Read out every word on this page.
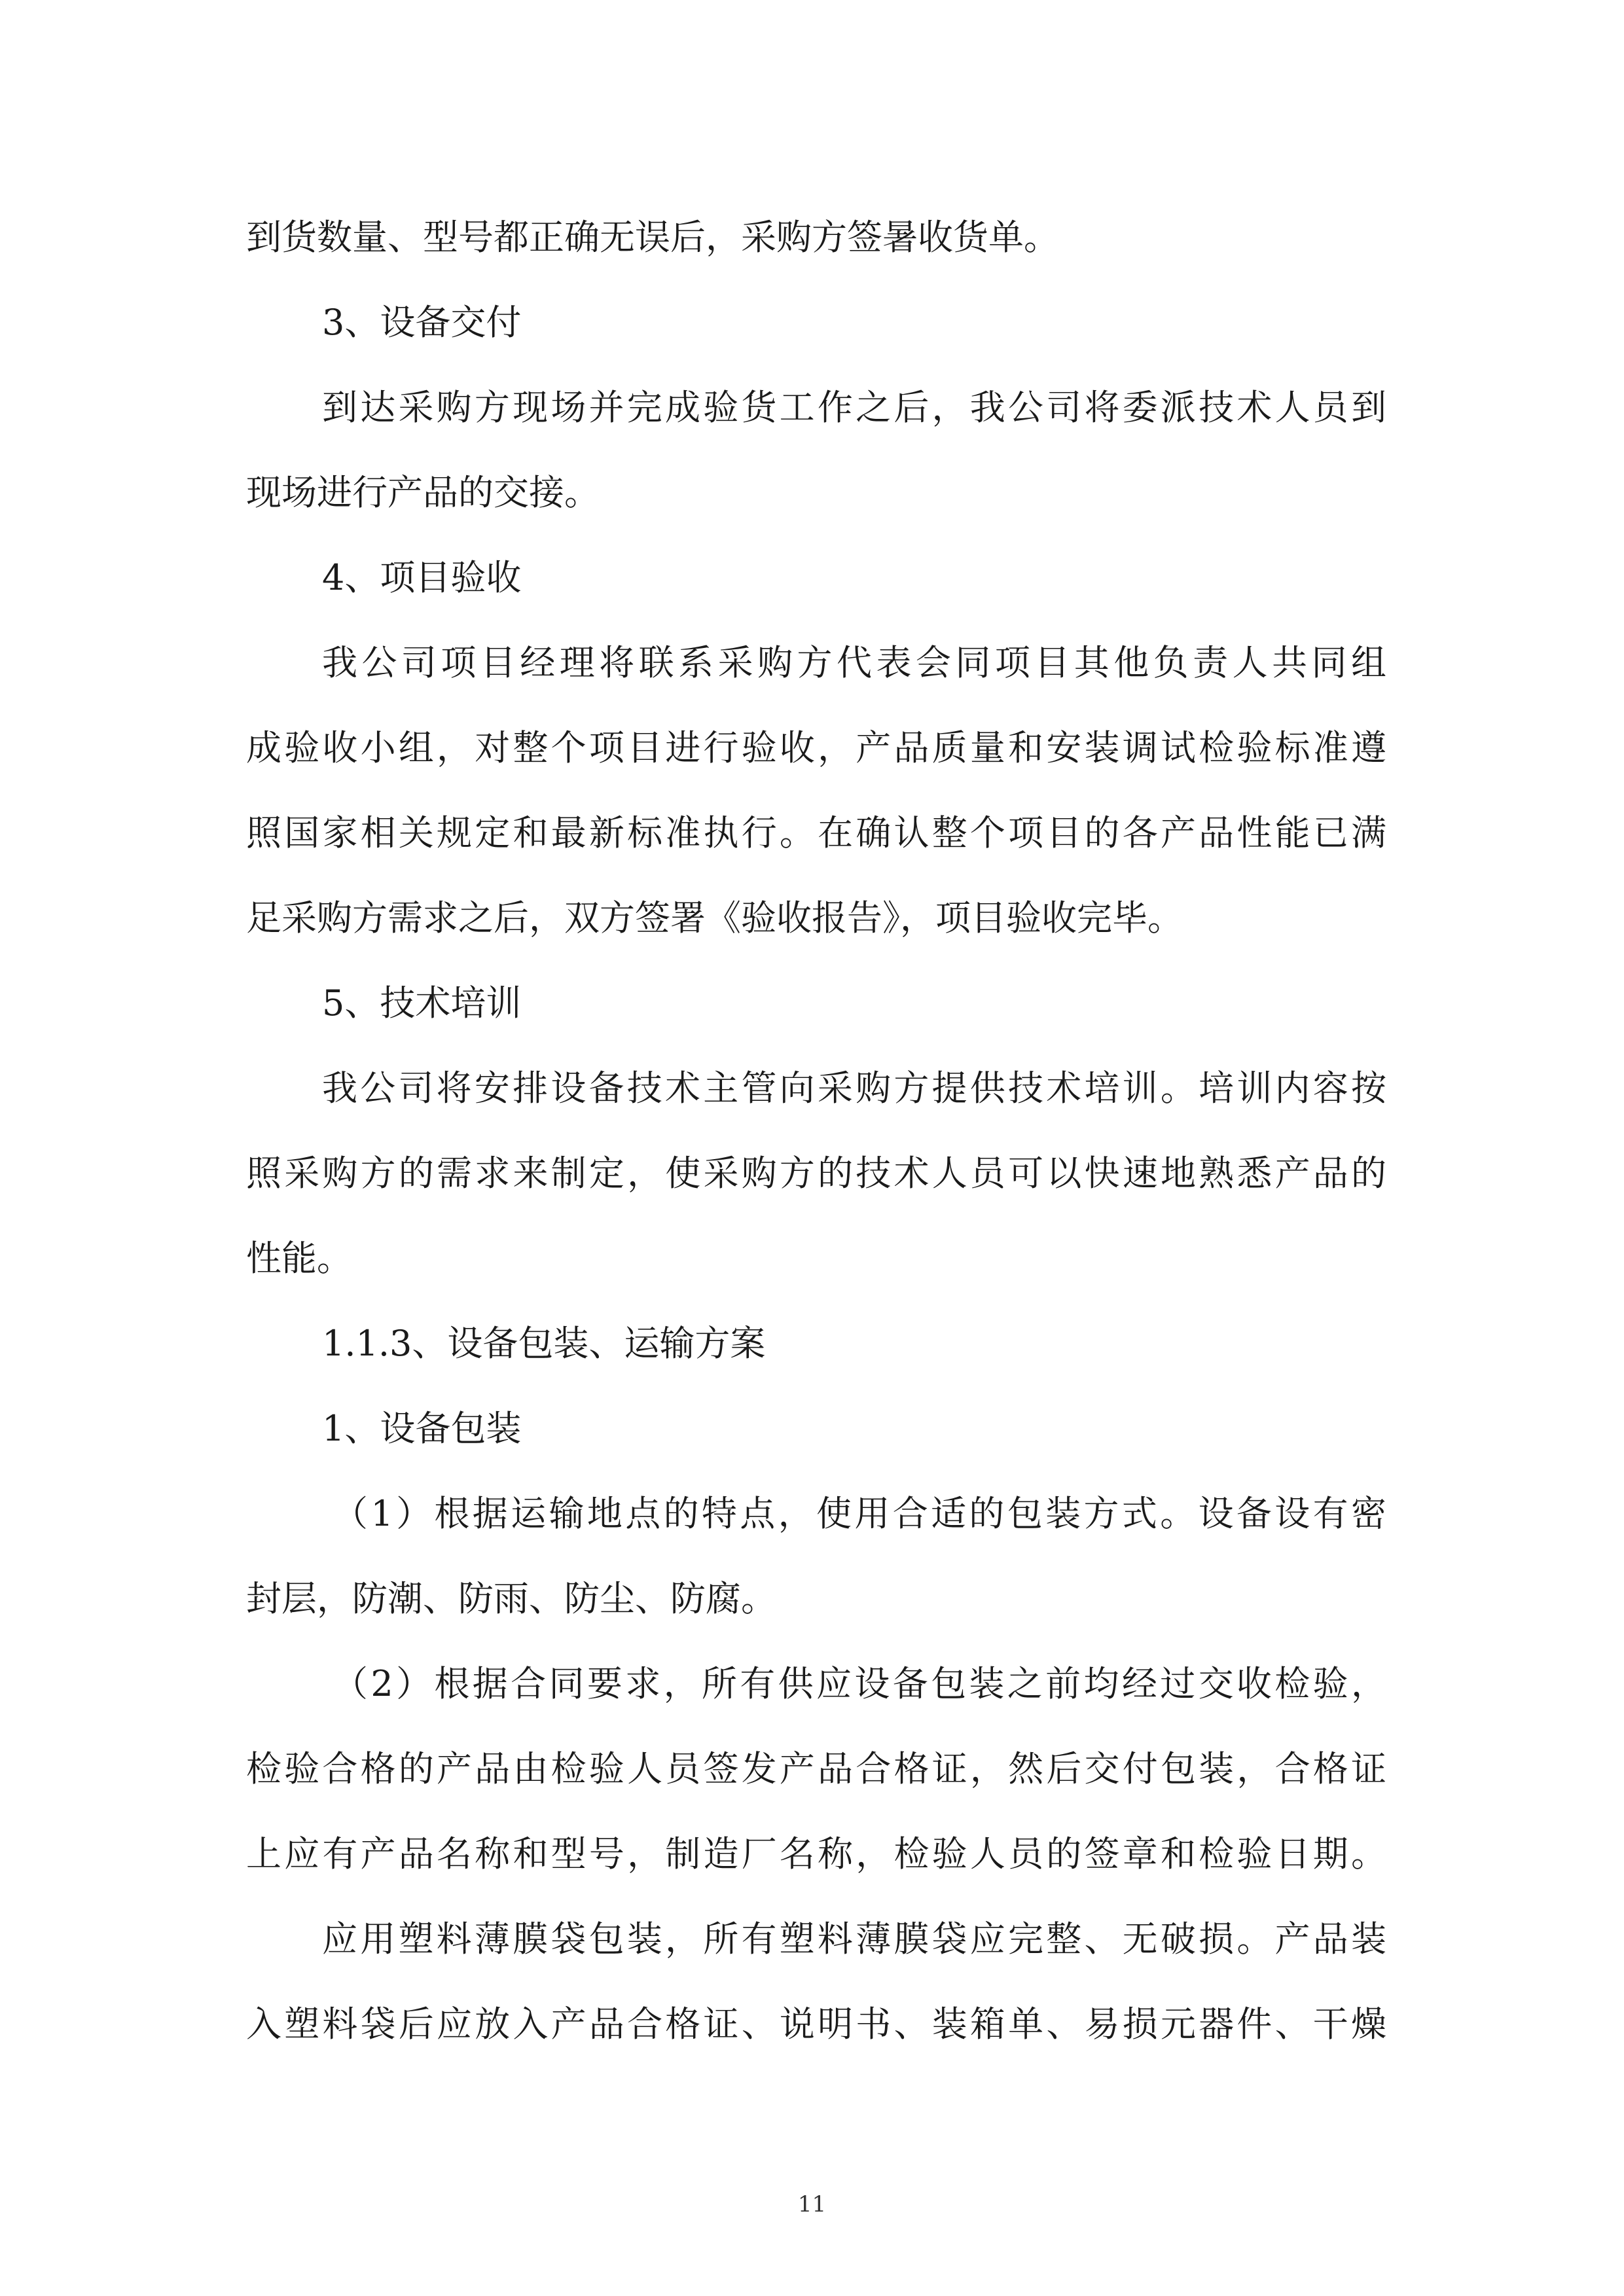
到货数量、型号都正确无误后，采购方签暑收货单。
3、设备交付
到达采购方现场并完成验货工作之后，我公司将委派技术人员到
现场进行产品的交接。
4、项目验收
我公司项目经理将联系采购方代表会同项目其他负责人共同组
成验收小组，对整个项目进行验收，产品质量和安装调试检验标准遵
照国家相关规定和最新标准执行。在确认整个项目的各产品性能已满
足采购方需求之后，双方签署《验收报告》，项目验收完毕。
5、技术培训
我公司将安排设备技术主管向采购方提供技术培训。培训内容按
照采购方的需求来制定，使采购方的技术人员可以快速地熟悉产品的
性能。
1.1.3、设备包装、运输方案
1、设备包装
（1）根据运输地点的特点，使用合适的包装方式。设备设有密
封层，防潮、防雨、防尘、防腐。
（2）根据合同要求，所有供应设备包装之前均经过交收检验，
检验合格的产品由检验人员签发产品合格证，然后交付包装，合格证
上应有产品名称和型号，制造厂名称，检验人员的签章和检验日期。
应用塑料薄膜袋包装，所有塑料薄膜袋应完整、无破损。产品装
入塑料袋后应放入产品合格证、说明书、装箱单、易损元器件、干燥
11
